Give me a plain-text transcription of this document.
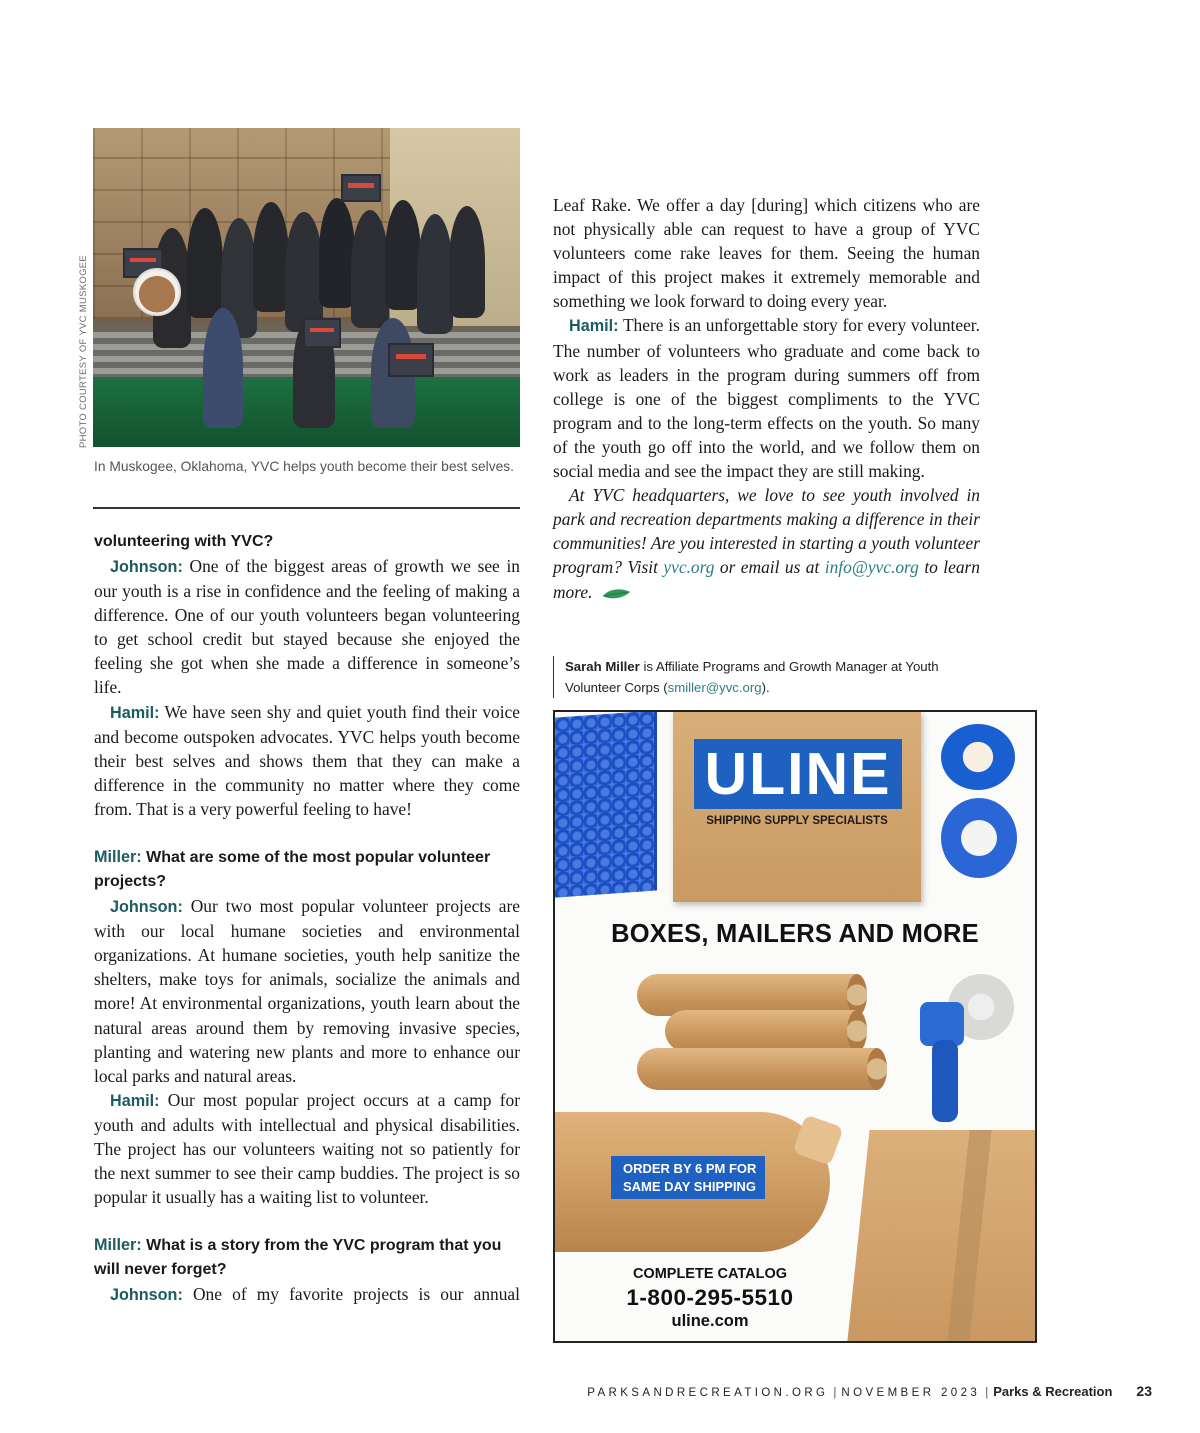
PHOTO COURTESY OF YVC MUSKOGEE
In Muskogee, Oklahoma, YVC helps youth become their best selves.

volunteering with YVC?

Johnson: One of the biggest areas of growth we see in our youth is a rise in confidence and the feeling of making a difference. One of our youth volunteers began volunteering to get school credit but stayed because she enjoyed the feeling she got when she made a difference in someone’s life.

Hamil: We have seen shy and quiet youth find their voice and become outspoken advocates. YVC helps youth become their best selves and shows them that they can make a difference in the community no matter where they come from. That is a very powerful feeling to have!

Miller: What are some of the most popular volunteer projects?

Johnson: Our two most popular volunteer projects are with our local humane societies and environmental organizations. At humane societies, youth help sanitize the shelters, make toys for animals, socialize the animals and more! At environmental organizations, youth learn about the natural areas around them by removing invasive species, planting and watering new plants and more to enhance our local parks and natural areas.

Hamil: Our most popular project occurs at a camp for youth and adults with intellectual and physical disabilities. The project has our volunteers waiting not so patiently for the next summer to see their camp buddies. The project is so popular it usually has a waiting list to volunteer.

Miller: What is a story from the YVC program that you will never forget?

Johnson: One of my favorite projects is our annual

Leaf Rake. We offer a day [during] which citizens who are not physically able can request to have a group of YVC volunteers come rake leaves for them. Seeing the human impact of this project makes it extremely memorable and something we look forward to doing every year.

Hamil: There is an unforgettable story for every volunteer. The number of volunteers who graduate and come back to work as leaders in the program during summers off from college is one of the biggest compliments to the YVC program and to the long-term effects on the youth. So many of the youth go off into the world, and we follow them on social media and see the impact they are still making.

At YVC headquarters, we love to see youth involved in park and recreation departments making a difference in their communities! Are you interested in starting a youth volunteer program? Visit yvc.org or email us at info@yvc.org to learn more.

Sarah Miller is Affiliate Programs and Growth Manager at Youth Volunteer Corps (smiller@yvc.org).
ULINE
SHIPPING SUPPLY SPECIALISTS
BOXES, MAILERS AND MORE
ORDER BY 6 PM FOR
SAME DAY SHIPPING
COMPLETE CATALOG
1-800-295-5510
uline.com
PARKSANDRECREATION.ORG | NOVEMBER 2023 | Parks & Recreation 23
